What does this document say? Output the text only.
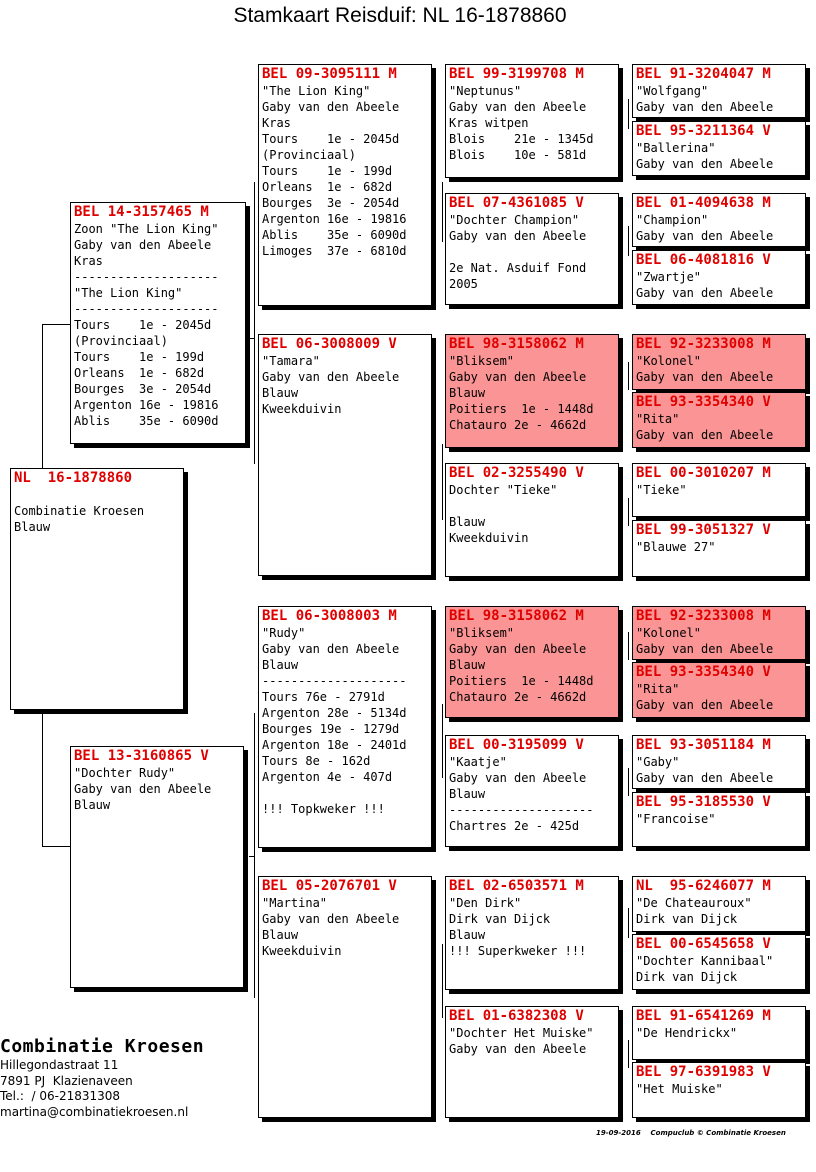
Stamkaart Reisduif: NL 16-1878860
NL  16-1878860

Combinatie Kroesen
Blauw
BEL 14-3157465 M
Zoon "The Lion King"
Gaby van den Abeele
Kras
--------------------
"The Lion King"
--------------------
Tours    1e - 2045d
(Provinciaal)
Tours    1e - 199d
Orleans  1e - 682d
Bourges  3e - 2054d
Argenton 16e - 19816
Ablis    35e - 6090d
BEL 13-3160865 V
"Dochter Rudy"
Gaby van den Abeele
Blauw
BEL 09-3095111 M
"The Lion King"
Gaby van den Abeele
Kras
Tours    1e - 2045d
(Provinciaal)
Tours    1e - 199d
Orleans  1e - 682d
Bourges  3e - 2054d
Argenton 16e - 19816
Ablis    35e - 6090d
Limoges  37e - 6810d
BEL 06-3008009 V
"Tamara"
Gaby van den Abeele
Blauw
Kweekduivin
BEL 06-3008003 M
"Rudy"
Gaby van den Abeele
Blauw
--------------------
Tours 76e - 2791d
Argenton 28e - 5134d
Bourges 19e - 1279d
Argenton 18e - 2401d
Tours 8e - 162d
Argenton 4e - 407d

!!! Topkweker !!!
BEL 05-2076701 V
"Martina"
Gaby van den Abeele
Blauw
Kweekduivin
BEL 99-3199708 M
"Neptunus"
Gaby van den Abeele
Kras witpen
Blois    21e - 1345d
Blois    10e - 581d
BEL 07-4361085 V
"Dochter Champion"
Gaby van den Abeele

2e Nat. Asduif Fond
2005
BEL 98-3158062 M
"Bliksem"
Gaby van den Abeele
Blauw
Poitiers  1e - 1448d
Chatauro 2e - 4662d
BEL 02-3255490 V
Dochter "Tieke"

Blauw
Kweekduivin
BEL 98-3158062 M
"Bliksem"
Gaby van den Abeele
Blauw
Poitiers  1e - 1448d
Chatauro 2e - 4662d
BEL 00-3195099 V
"Kaatje"
Gaby van den Abeele
Blauw
--------------------
Chartres 2e - 425d
BEL 02-6503571 M
"Den Dirk"
Dirk van Dijck
Blauw
!!! Superkweker !!!
BEL 01-6382308 V
"Dochter Het Muiske"
Gaby van den Abeele
BEL 91-3204047 M
"Wolfgang"
Gaby van den Abeele
BEL 95-3211364 V
"Ballerina"
Gaby van den Abeele
BEL 01-4094638 M
"Champion"
Gaby van den Abeele
BEL 06-4081816 V
"Zwartje"
Gaby van den Abeele
BEL 92-3233008 M
"Kolonel"
Gaby van den Abeele
BEL 93-3354340 V
"Rita"
Gaby van den Abeele
BEL 00-3010207 M
"Tieke"
BEL 99-3051327 V
"Blauwe 27"
BEL 92-3233008 M
"Kolonel"
Gaby van den Abeele
BEL 93-3354340 V
"Rita"
Gaby van den Abeele
BEL 93-3051184 M
"Gaby"
Gaby van den Abeele
BEL 95-3185530 V
"Francoise"
NL  95-6246077 M
"De Chateauroux"
Dirk van Dijck
BEL 00-6545658 V
"Dochter Kannibaal"
Dirk van Dijck
BEL 91-6541269 M
"De Hendrickx"
BEL 97-6391983 V
"Het Muiske"
Combinatie Kroesen
Hillegondastraat 11
7891 PJ  Klazienaveen
Tel.:  / 06-21831308
martina@combinatiekroesen.nl
19-09-2016 Compuclub © Combinatie Kroesen
